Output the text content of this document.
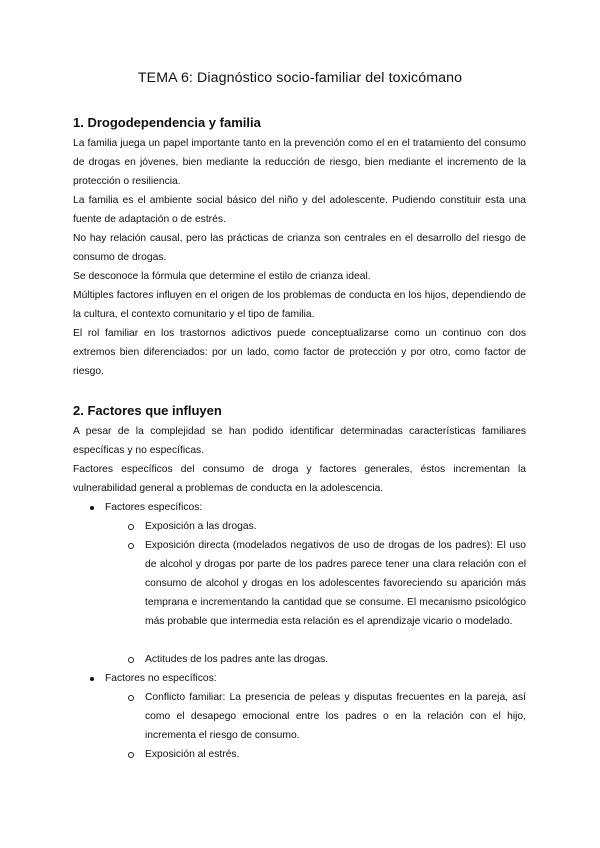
TEMA 6: Diagnóstico socio-familiar del toxicómano
1. Drogodependencia y familia
La familia juega un papel importante tanto en la prevención como el en el tratamiento del consumo de drogas en jóvenes, bien mediante la reducción de riesgo, bien mediante el incremento de la protección o resiliencia.
La familia es el ambiente social básico del niño y del adolescente. Pudiendo constituir esta una fuente de adaptación o de estrés.
No hay relación causal, pero las prácticas de crianza son centrales en el desarrollo del riesgo de consumo de drogas.
Se desconoce la fórmula que determine el estilo de crianza ideal.
Múltiples factores influyen en el origen de los problemas de conducta en los hijos, dependiendo de la cultura, el contexto comunitario y el tipo de familia.
El rol familiar en los trastornos adictivos puede conceptualizarse como un continuo con dos extremos bien diferenciados: por un lado, como factor de protección y por otro, como factor de riesgo.
2. Factores que influyen
A pesar de la complejidad se han podido identificar determinadas características familiares específicas y no específicas.
Factores específicos del consumo de droga y factores generales, éstos incrementan la vulnerabilidad general a problemas de conducta en la adolescencia.
Factores específicos:
Exposición a las drogas.
Exposición directa (modelados negativos de uso de drogas de los padres): El uso de alcohol y drogas por parte de los padres parece tener una clara relación con el consumo de alcohol y drogas en los adolescentes favoreciendo su aparición más temprana e incrementando la cantidad que se consume. El mecanismo psicológico más probable que intermedia esta relación es el aprendizaje vicario o modelado.
Actitudes de los padres ante las drogas.
Factores no específicos:
Conflicto familiar: La presencia de peleas y disputas frecuentes en la pareja, así como el desapego emocional entre los padres o en la relación con el hijo, incrementa el riesgo de consumo.
Exposición al estrés.
